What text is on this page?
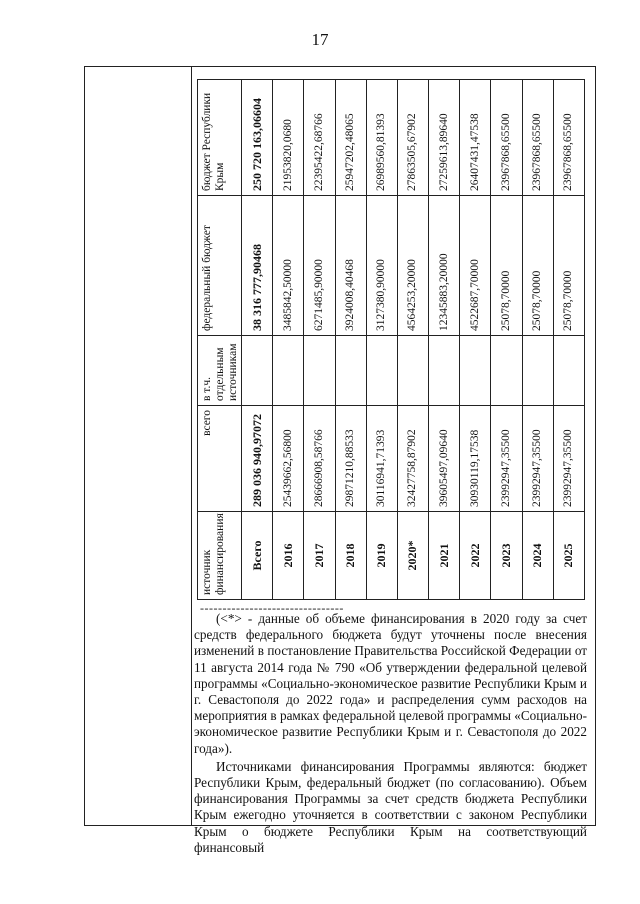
17
источник финансирования	всего	в т.ч. отдельным источникам	федеральный бюджет	бюджет Республики Крым
Всего	289 036 940,97072		38 316 777,90468	250 720 163,06604
2016	25439662,56800		3485842,50000	21953820,0680
2017	28666908,58766		6271485,90000	22395422,68766
2018	29871210,88533		3924008,40468	25947202,48065
2019	30116941,71393		3127380,90000	26989560,81393
2020*	32427758,87902		4564253,20000	27863505,67902
2021	39605497,09640		12345883,20000	27259613,89640
2022	30930119,17538		4522687,70000	26407431,47538
2023	23992947,35500		25078,70000	23967868,65500
2024	23992947,35500		25078,70000	23967868,65500
2025	23992947,35500		25078,70000	23967868,65500
--------------------------------

(<*> - данные об объеме финансирования в 2020 году за счет средств федерального бюджета будут уточнены после внесения изменений в постановление Правительства Российской Федерации от 11 августа 2014 года № 790 «Об утверждении федеральной целевой программы «Социально-экономическое развитие Республики Крым и г. Севастополя до 2022 года» и распределения сумм расходов на мероприятия в рамках федеральной целевой программы «Социально-экономическое развитие Республики Крым и г. Севастополя до 2022 года»).

Источниками финансирования Программы являются: бюджет Республики Крым, федеральный бюджет (по согласованию). Объем финансирования Программы за счет средств бюджета Республики Крым ежегодно уточняется в соответствии с законом Республики Крым о бюджете Республики Крым на соответствующий финансовый
